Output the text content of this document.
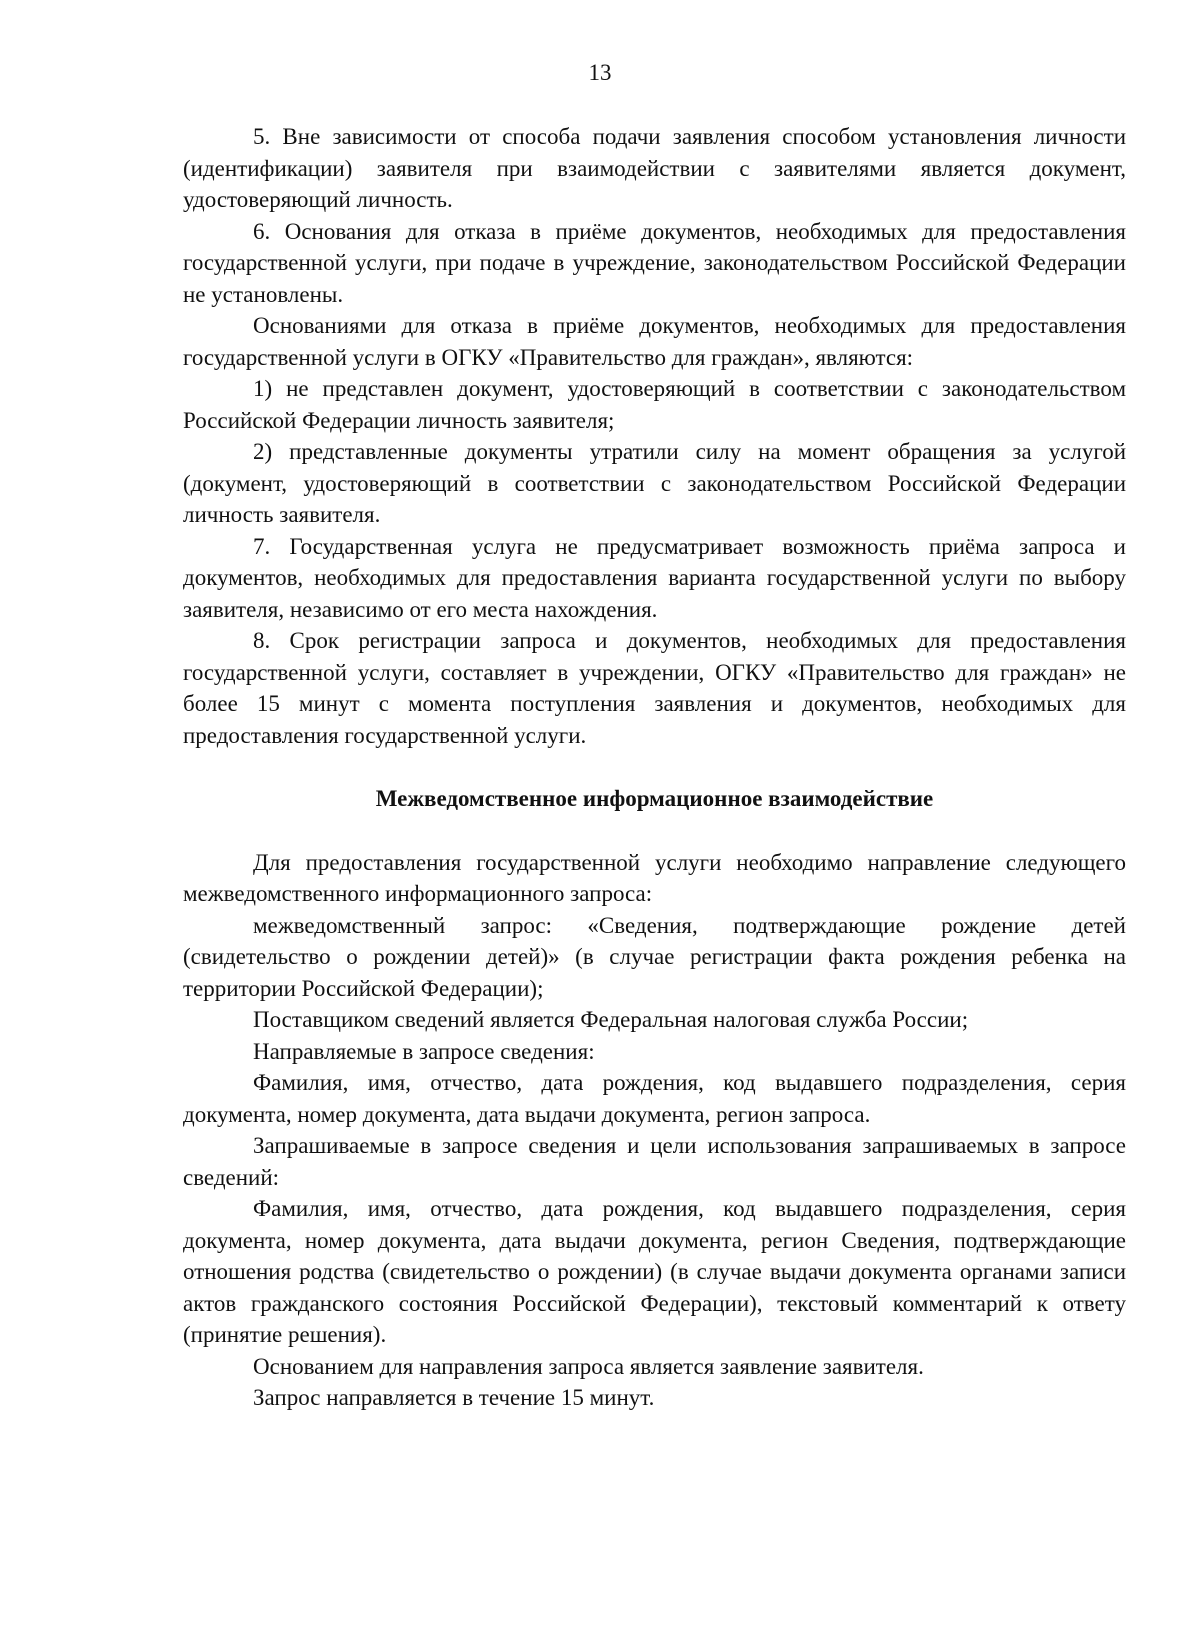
13

5. Вне зависимости от способа подачи заявления способом установления личности (идентификации) заявителя при взаимодействии с заявителями является документ, удостоверяющий личность.

6. Основания для отказа в приёме документов, необходимых для предоставления государственной услуги, при подаче в учреждение, законодательством Российской Федерации не установлены.

Основаниями для отказа в приёме документов, необходимых для предоставления государственной услуги в ОГКУ «Правительство для граждан», являются:

1) не представлен документ, удостоверяющий в соответствии с законодательством Российской Федерации личность заявителя;

2) представленные документы утратили силу на момент обращения за услугой (документ, удостоверяющий в соответствии с законодательством Российской Федерации личность заявителя.

7. Государственная услуга не предусматривает возможность приёма запроса и документов, необходимых для предоставления варианта государственной услуги по выбору заявителя, независимо от его места нахождения.

8. Срок регистрации запроса и документов, необходимых для предоставления государственной услуги, составляет в учреждении, ОГКУ «Правительство для граждан» не более 15 минут с момента поступления заявления и документов, необходимых для предоставления государственной услуги.

Межведомственное информационное взаимодействие

Для предоставления государственной услуги необходимо направление следующего межведомственного информационного запроса:

межведомственный запрос: «Сведения, подтверждающие рождение детей (свидетельство о рождении детей)» (в случае регистрации факта рождения ребенка на территории Российской Федерации);

Поставщиком сведений является Федеральная налоговая служба России;

Направляемые в запросе сведения:

Фамилия, имя, отчество, дата рождения, код выдавшего подразделения, серия документа, номер документа, дата выдачи документа, регион запроса.

Запрашиваемые в запросе сведения и цели использования запрашиваемых в запросе сведений:

Фамилия, имя, отчество, дата рождения, код выдавшего подразделения, серия документа, номер документа, дата выдачи документа, регион Сведения, подтверждающие отношения родства (свидетельство о рождении) (в случае выдачи документа органами записи актов гражданского состояния Российской Федерации), текстовый комментарий к ответу (принятие решения).

Основанием для направления запроса является заявление заявителя.

Запрос направляется в течение 15 минут.
